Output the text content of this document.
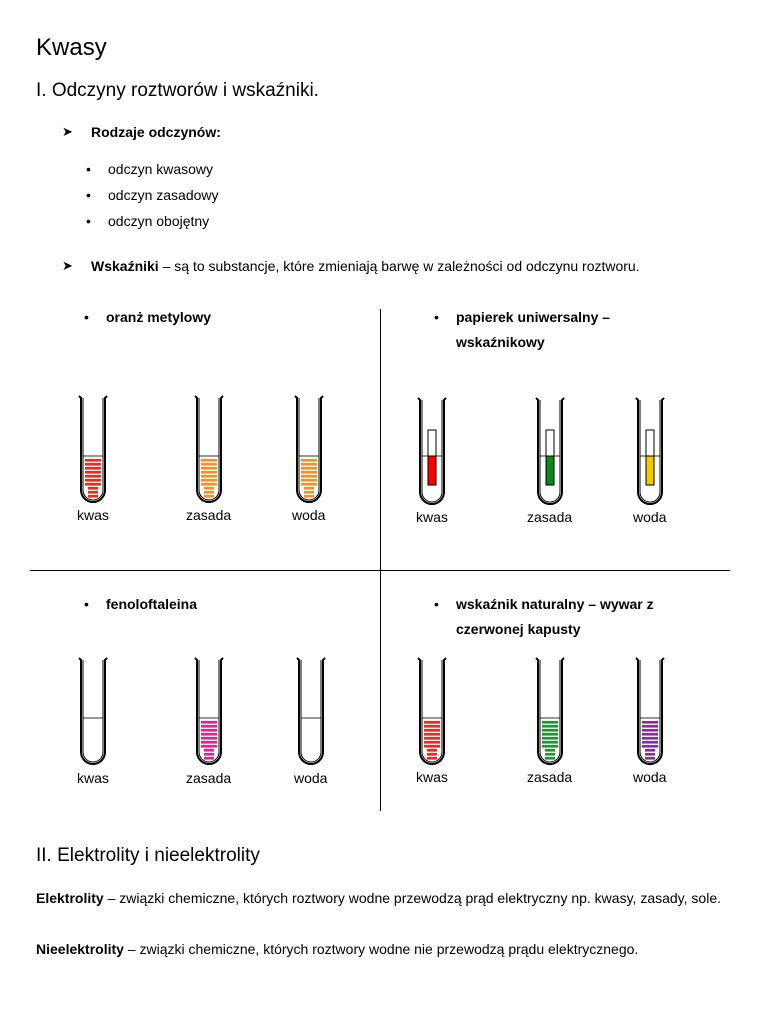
Kwasy
I. Odczyny roztworów i wskaźniki.
➤ Rodzaje odczynów:
• odczyn kwasowy
• odczyn zasadowy
• odczyn obojętny
➤ Wskaźniki – są to substancje, które zmieniają barwę w zależności od odczynu roztworu.
• oranż metylowy	• papierek uniwersalny –
wskaźnikowy
• fenoloftaleina	• wskaźnik naturalny – wywar z
czerwonej kapusty
kwas	zasada	woda	kwas	zasada	woda
kwas	zasada	woda	kwas	zasada	woda
II. Elektrolity i nieelektrolity
Elektrolity – związki chemiczne, których roztwory wodne przewodzą prąd elektryczny np. kwasy, zasady, sole.
Nieelektrolity – związki chemiczne, których roztwory wodne nie przewodzą prądu elektrycznego.
